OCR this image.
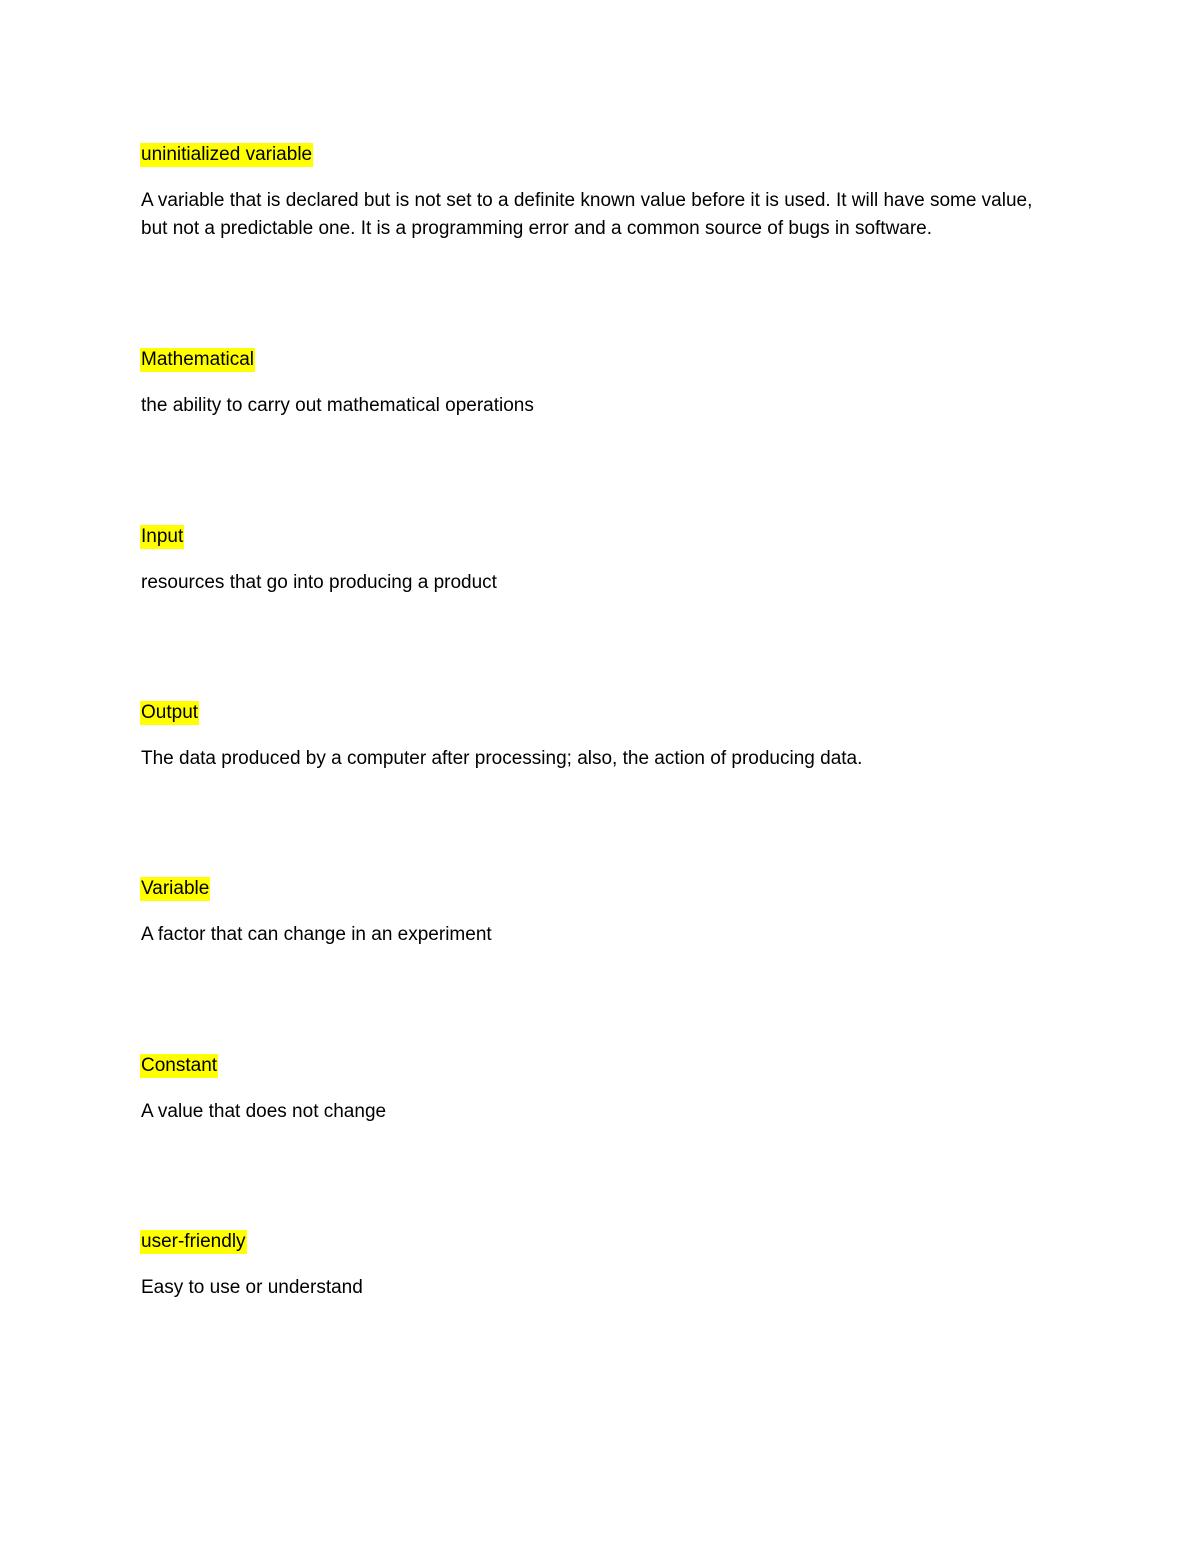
uninitialized variable
A variable that is declared but is not set to a definite known value before it is used. It will have some value, but not a predictable one. It is a programming error and a common source of bugs in software.
Mathematical
the ability to carry out mathematical operations
Input
resources that go into producing a product
Output
The data produced by a computer after processing; also, the action of producing data.
Variable
A factor that can change in an experiment
Constant
A value that does not change
user-friendly
Easy to use or understand
